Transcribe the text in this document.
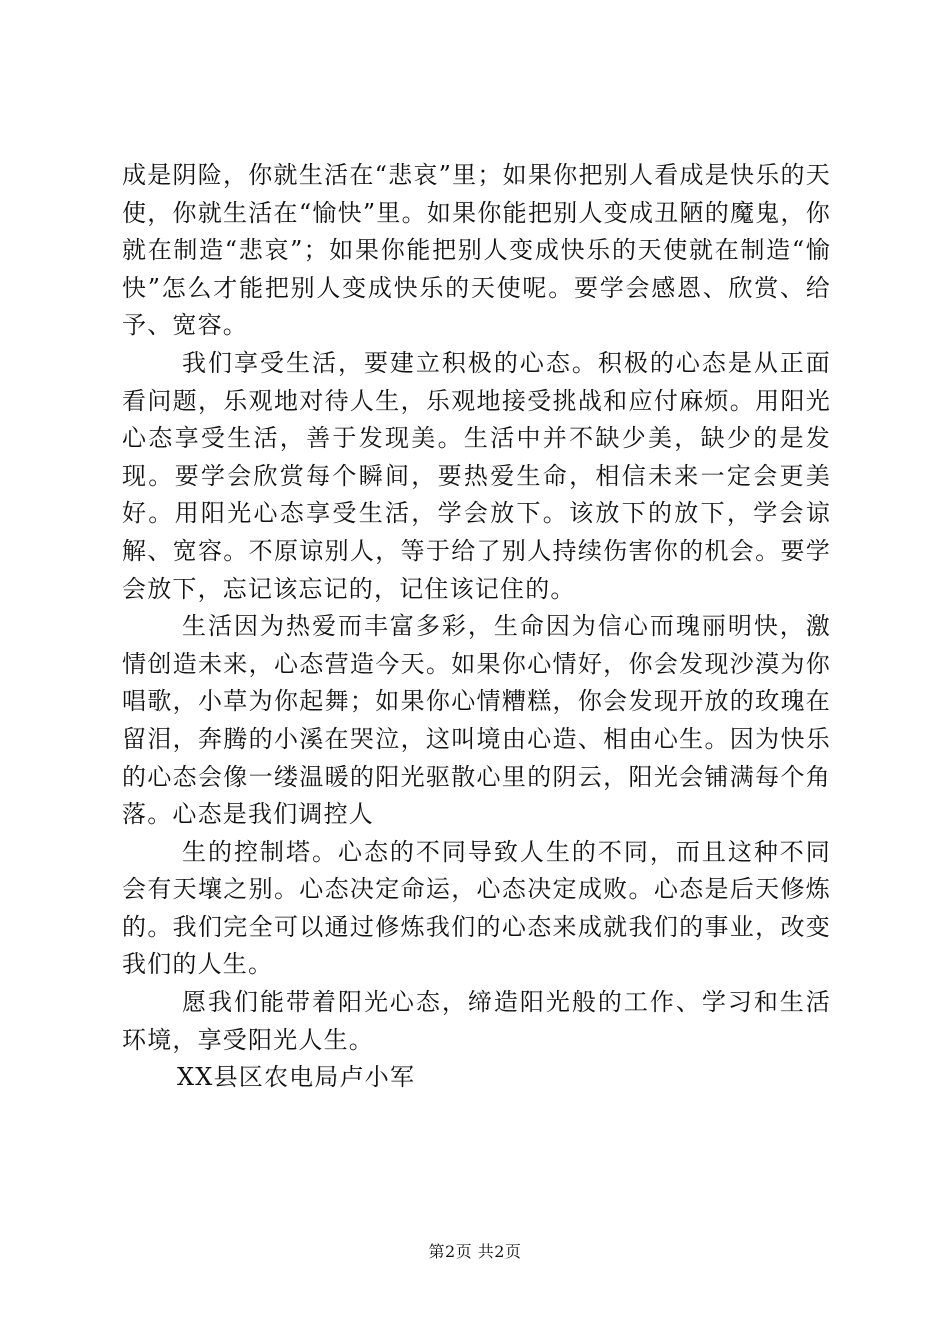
成是阴险，你就生活在“悲哀”里；如果你把别人看成是快乐的天使，你就生活在“愉快”里。如果你能把别人变成丑陋的魔鬼，你就在制造“悲哀”；如果你能把别人变成快乐的天使就在制造“愉快”怎么才能把别人变成快乐的天使呢。要学会感恩、欣赏、给予、宽容。

我们享受生活，要建立积极的心态。积极的心态是从正面看问题，乐观地对待人生，乐观地接受挑战和应付麻烦。用阳光心态享受生活，善于发现美。生活中并不缺少美，缺少的是发现。要学会欣赏每个瞬间，要热爱生命，相信未来一定会更美好。用阳光心态享受生活，学会放下。该放下的放下，学会谅解、宽容。不原谅别人，等于给了别人持续伤害你的机会。要学会放下，忘记该忘记的，记住该记住的。

生活因为热爱而丰富多彩，生命因为信心而瑰丽明快，激情创造未来，心态营造今天。如果你心情好，你会发现沙漠为你唱歌，小草为你起舞；如果你心情糟糕，你会发现开放的玫瑰在留泪，奔腾的小溪在哭泣，这叫境由心造、相由心生。因为快乐的心态会像一缕温暖的阳光驱散心里的阴云，阳光会铺满每个角落。心态是我们调控人

生的控制塔。心态的不同导致人生的不同，而且这种不同会有天壤之别。心态决定命运，心态决定成败。心态是后天修炼的。我们完全可以通过修炼我们的心态来成就我们的事业，改变我们的人生。

愿我们能带着阳光心态，缔造阳光般的工作、学习和生活环境，享受阳光人生。

XX县区农电局卢小军

第2页 共2页
